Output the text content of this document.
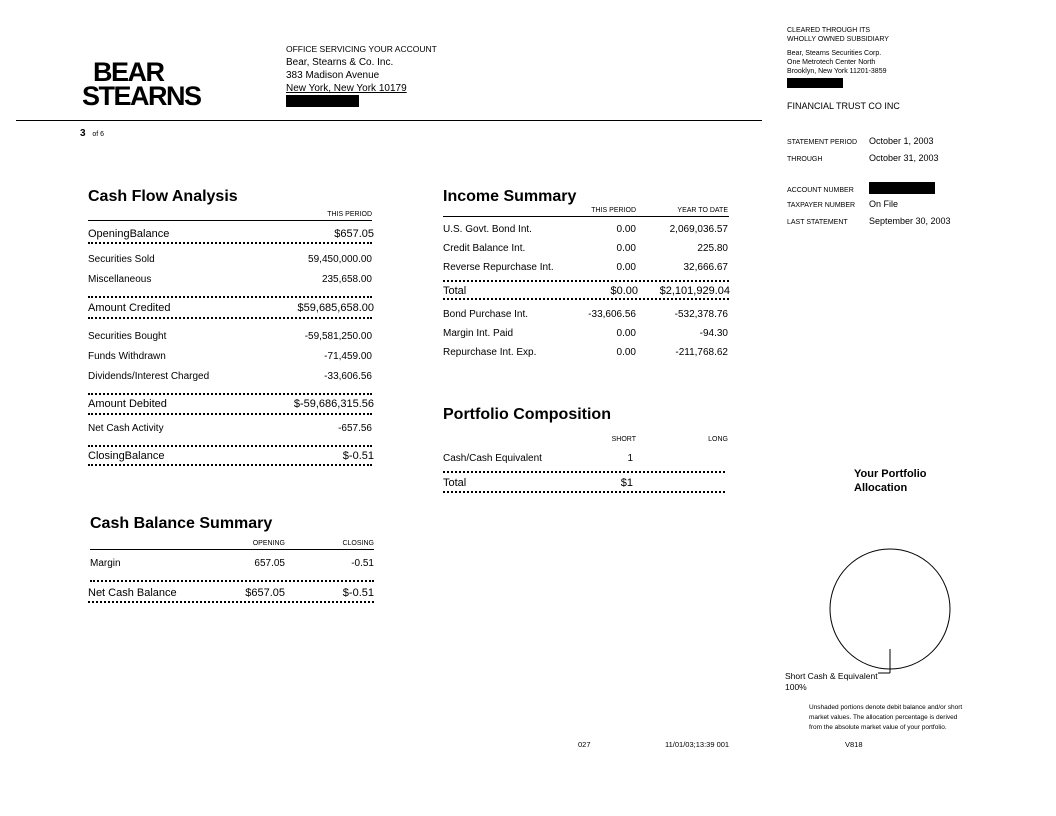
BEAR
STEARNS
OFFICE SERVICING YOUR ACCOUNT
Bear, Stearns & Co. Inc.
383 Madison Avenue
New York, New York 10179
3 of 6
CLEARED THROUGH ITS
WHOLLY OWNED SUBSIDIARY
Bear, Stearns Securities Corp.
One Metrotech Center North
Brooklyn, New York 11201-3859
FINANCIAL TRUST CO INC
STATEMENT PERIOD October 1, 2003
THROUGH	October 31, 2003
ACCOUNT NUMBER
TAXPAYER NUMBER On File
LAST STATEMENT September 30, 2003
Cash Flow Analysis
THIS PERIOD
OpeningBalance	$657.05
Securities Sold	59,450,000.00
Miscellaneous	235,658.00
Amount Credited	$59,685,658.00
Securities Bought	-59,581,250.00
Funds Withdrawn	-71,459.00
Dividends/Interest Charged	-33,606.56
Amount Debited	$-59,686,315.56
Net Cash Activity	-657.56
ClosingBalance	$-0.51
Income Summary
THIS PERIOD	YEAR TO DATE
U.S. Govt. Bond Int.	0.00	2,069,036.57
Credit Balance Int.	0.00	225.80
Reverse Repurchase Int.	0.00	32,666.67
Total	$0.00	$2,101,929.04
Bond Purchase Int.	-33,606.56	-532,378.76
Margin Int. Paid	0.00	-94.30
Repurchase Int. Exp.	0.00	-211,768.62
Portfolio Composition
SHORT	LONG
Cash/Cash Equivalent	1
Total	$1
Cash Balance Summary
OPENING	CLOSING
Margin	657.05	-0.51
Net Cash Balance	$657.05	$-0.51
Your Portfolio
Allocation
Short Cash & Equivalent
100%
Unshaded portions denote debit balance and/or short
market values. The allocation percentage is derived
from the absolute market value of your portfolio.
027	11/01/03;13:39 001	V818
